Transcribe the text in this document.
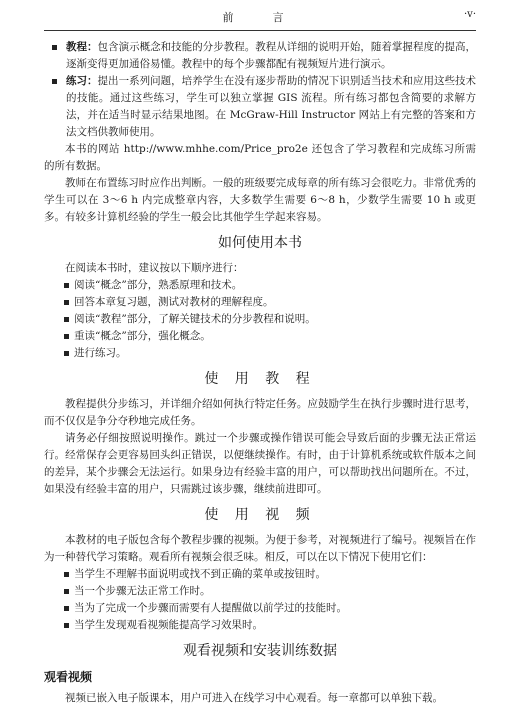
前　言	·v·

教程：包含演示概念和技能的分步教程。教程从详细的说明开始，随着掌握程度的提高，逐渐变得更加通俗易懂。教程中的每个步骤都配有视频短片进行演示。

练习：提出一系列问题，培养学生在没有逐步帮助的情况下识别适当技术和应用这些技术的技能。通过这些练习，学生可以独立掌握 GIS 流程。所有练习都包含简要的求解方法，并在适当时显示结果地图。在 McGraw-Hill Instructor 网站上有完整的答案和方法文档供教师使用。

本书的网站 http://www.mhhe.com/Price_pro2e 还包含了学习教程和完成练习所需的所有数据。

教师在布置练习时应作出判断。一般的班级要完成每章的所有练习会很吃力。非常优秀的学生可以在 3～6 h 内完成整章内容，大多数学生需要 6～8 h，少数学生需要 10 h 或更多。有较多计算机经验的学生一般会比其他学生学起来容易。

如何使用本书

在阅读本书时，建议按以下顺序进行：

阅读“概念”部分，熟悉原理和技术。
回答本章复习题，测试对教材的理解程度。
阅读“教程”部分，了解关键技术的分步教程和说明。
重读“概念”部分，强化概念。
进行练习。
使 用 教 程

教程提供分步练习，并详细介绍如何执行特定任务。应鼓励学生在执行步骤时进行思考，而不仅仅是争分夺秒地完成任务。

请务必仔细按照说明操作。跳过一个步骤或操作错误可能会导致后面的步骤无法正常运行。经常保存会更容易回头纠正错误，以便继续操作。有时，由于计算机系统或软件版本之间的差异，某个步骤会无法运行。如果身边有经验丰富的用户，可以帮助找出问题所在。不过，如果没有经验丰富的用户，只需跳过该步骤，继续前进即可。

使 用 视 频

本教材的电子版包含每个教程步骤的视频。为便于参考，对视频进行了编号。视频旨在作为一种替代学习策略。观看所有视频会很乏味。相反，可以在以下情况下使用它们：

当学生不理解书面说明或找不到正确的菜单或按钮时。
当一个步骤无法正常工作时。
当为了完成一个步骤而需要有人提醒做以前学过的技能时。
当学生发现观看视频能提高学习效果时。
观看视频和安装训练数据
观看视频

视频已嵌入电子版课本，用户可进入在线学习中心观看。每一章都可以单独下载。
